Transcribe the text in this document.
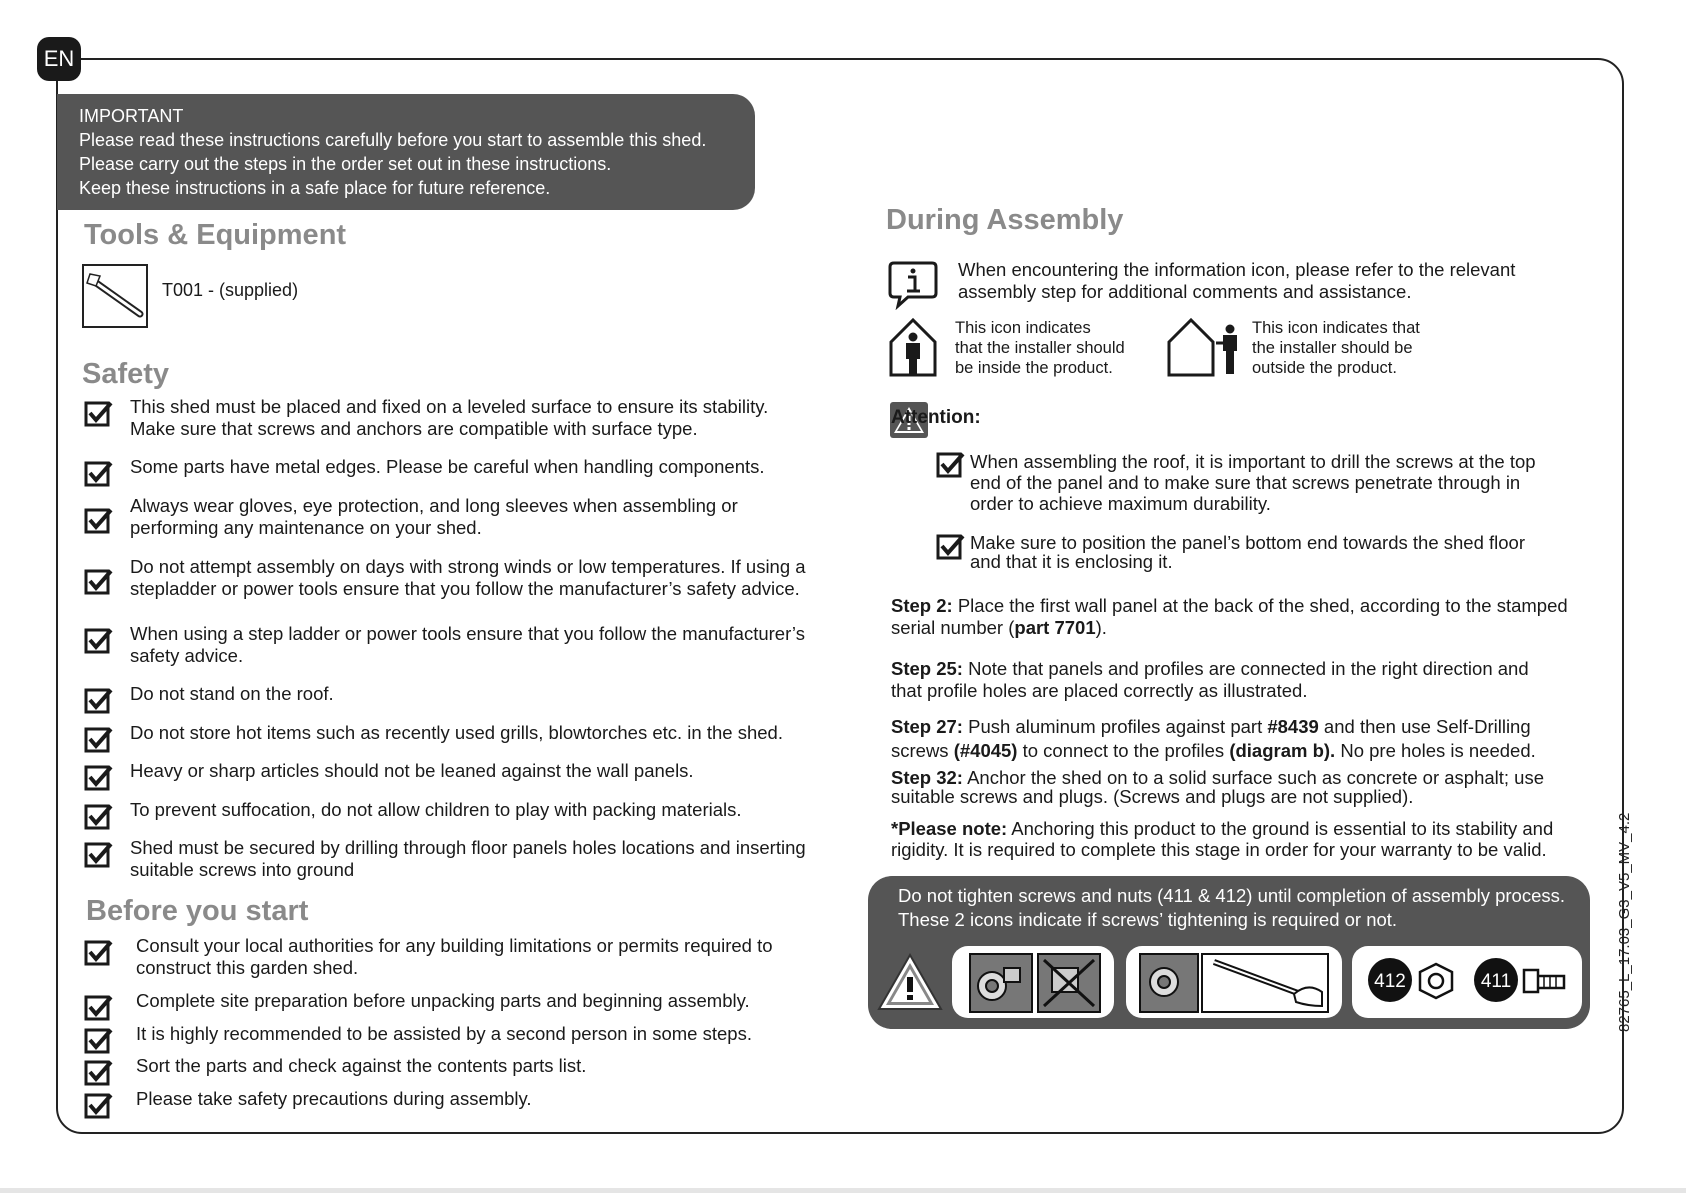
EN
IMPORTANT
Please read these instructions carefully before you start to assemble this shed.
Please carry out the steps in the order set out in these instructions.
Keep these instructions in a safe place for future reference.
Tools & Equipment
T001 - (supplied)
Safety
This shed must be placed and fixed on a leveled surface to ensure its stability.
Make sure that screws and anchors are compatible with surface type.
Some parts have metal edges. Please be careful when handling components.
Always wear gloves, eye protection, and long sleeves when assembling or
performing any maintenance on your shed.
Do not attempt assembly on days with strong winds or low temperatures. If using a
stepladder or power tools ensure that you follow the manufacturer’s safety advice.
When using a step ladder or power tools ensure that you follow the manufacturer’s
safety advice.
Do not stand on the roof.
Do not store hot items such as recently used grills, blowtorches etc. in the shed.
Heavy or sharp articles should not be leaned against the wall panels.
To prevent suffocation, do not allow children to play with packing materials.
Shed must be secured by drilling through floor panels holes locations and inserting
suitable screws into ground
Before you start
Consult your local authorities for any building limitations or permits required to
construct this garden shed.
Complete site preparation before unpacking parts and beginning assembly.
It is highly recommended to be assisted by a second person in some steps.
Sort the parts and check against the contents parts list.
Please take safety precautions during assembly.
During Assembly
When encountering the information icon, please refer to the relevant
assembly step for additional comments and assistance.
This icon indicates
that the installer should
be inside the product.
This icon indicates that
the installer should be
outside the product.
Attention:
When assembling the roof, it is important to drill the screws at the top
end of the panel and to make sure that screws penetrate through in
order to achieve maximum durability.
Make sure to position the panel’s bottom end towards the shed floor
and that it is enclosing it.
Step 2: Place the first wall panel at the back of the shed, according to the stamped
serial number (part 7701).
Step 25: Note that panels and profiles are connected in the right direction and
that profile holes are placed correctly as illustrated.
Step 27: Push aluminum profiles against part #8439 and then use Self-Drilling
screws (#4045) to connect to the profiles (diagram b). No pre holes is needed.
Step 32: Anchor the shed on to a solid surface such as concrete or asphalt; use
suitable screws and plugs. (Screws and plugs are not supplied).
*Please note: Anchoring this product to the ground is essential to its stability and
rigidity. It is required to complete this stage in order for your warranty to be valid.
Do not tighten screws and nuts (411 & 412) until completion of assembly process.
These 2 icons indicate if screws’ tightening is required or not.
412	411	82765_L_17.03_G3_V5_MV_4.2
